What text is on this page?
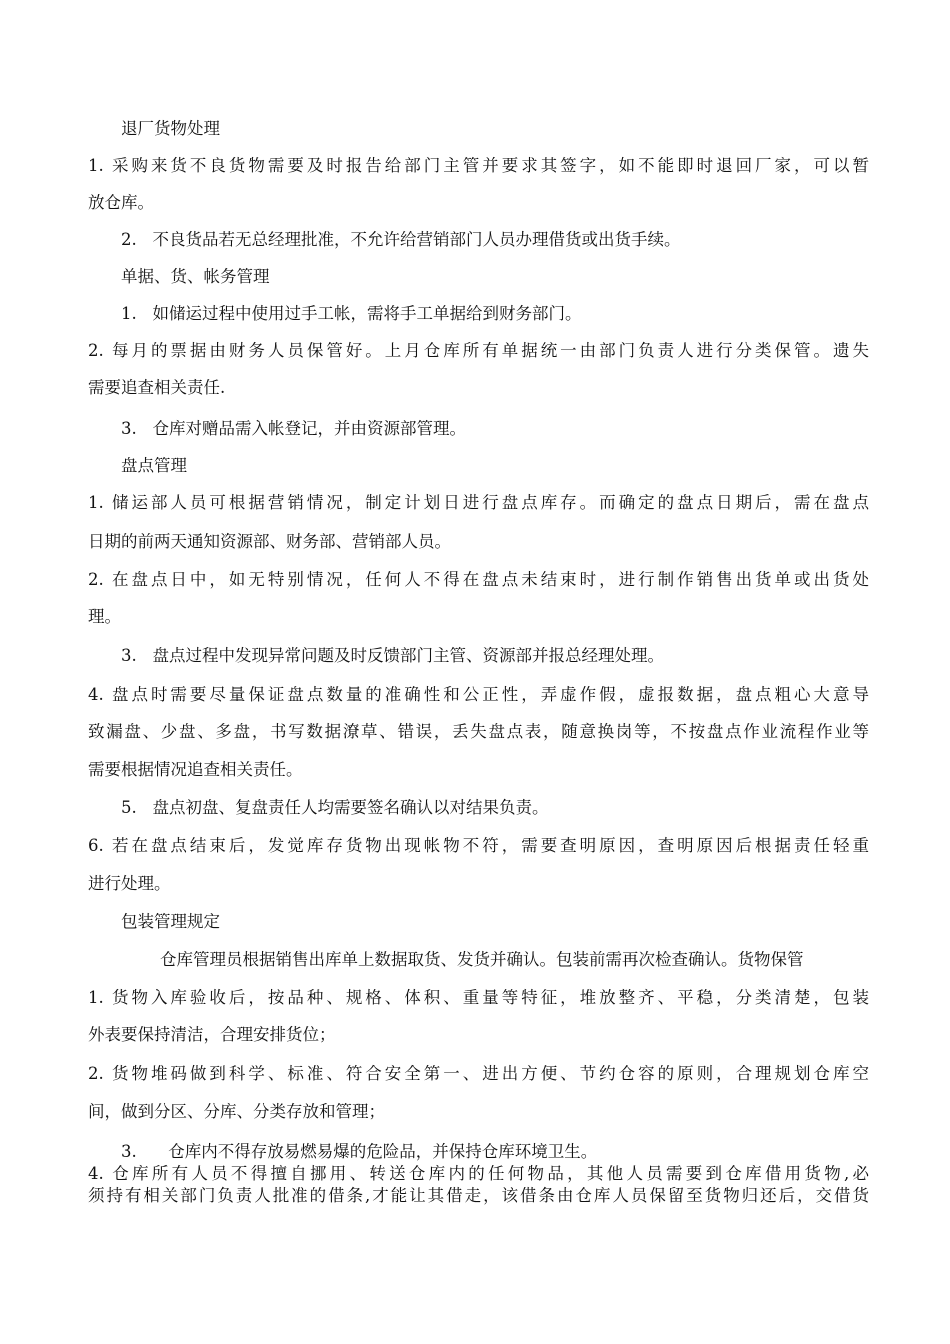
退厂货物处理
1. 采购来货不良货物需要及时报告给部门主管并要求其签字，如不能即时退回厂家，可以暂
放仓库。
2.   不良货品若无总经理批准，不允许给营销部门人员办理借货或出货手续。
单据、货、帐务管理
1.   如储运过程中使用过手工帐，需将手工单据给到财务部门。
2. 每月的票据由财务人员保管好。上月仓库所有单据统一由部门负责人进行分类保管。遗失
需要追查相关责任.
3.   仓库对赠品需入帐登记，并由资源部管理。
盘点管理
1. 储运部人员可根据营销情况，制定计划日进行盘点库存。而确定的盘点日期后，需在盘点
日期的前两天通知资源部、财务部、营销部人员。
2. 在盘点日中，如无特别情况，任何人不得在盘点未结束时，进行制作销售出货单或出货处
理。
3.   盘点过程中发现异常问题及时反馈部门主管、资源部并报总经理处理。
4. 盘点时需要尽量保证盘点数量的准确性和公正性，弄虚作假，虚报数据，盘点粗心大意导
致漏盘、少盘、多盘，书写数据潦草、错误，丢失盘点表，随意换岗等，不按盘点作业流程作业等
需要根据情况追查相关责任。
5.   盘点初盘、复盘责任人均需要签名确认以对结果负责。
6. 若在盘点结束后，发觉库存货物出现帐物不符，需要查明原因，查明原因后根据责任轻重
进行处理。
包装管理规定
仓库管理员根据销售出库单上数据取货、发货并确认。包装前需再次检查确认。货物保管
1. 货物入库验收后，按品种、规格、体积、重量等特征，堆放整齐、平稳，分类清楚，包装
外表要保持清洁，合理安排货位；
2. 货物堆码做到科学、标准、符合安全第一、进出方便、节约仓容的原则，合理规划仓库空
间，做到分区、分库、分类存放和管理；
3.      仓库内不得存放易燃易爆的危险品，并保持仓库环境卫生。
4. 仓库所有人员不得擅自挪用、转送仓库内的任何物品，其他人员需要到仓库借用货物,必
须持有相关部门负责人批准的借条,才能让其借走，该借条由仓库人员保留至货物归还后，交借货
